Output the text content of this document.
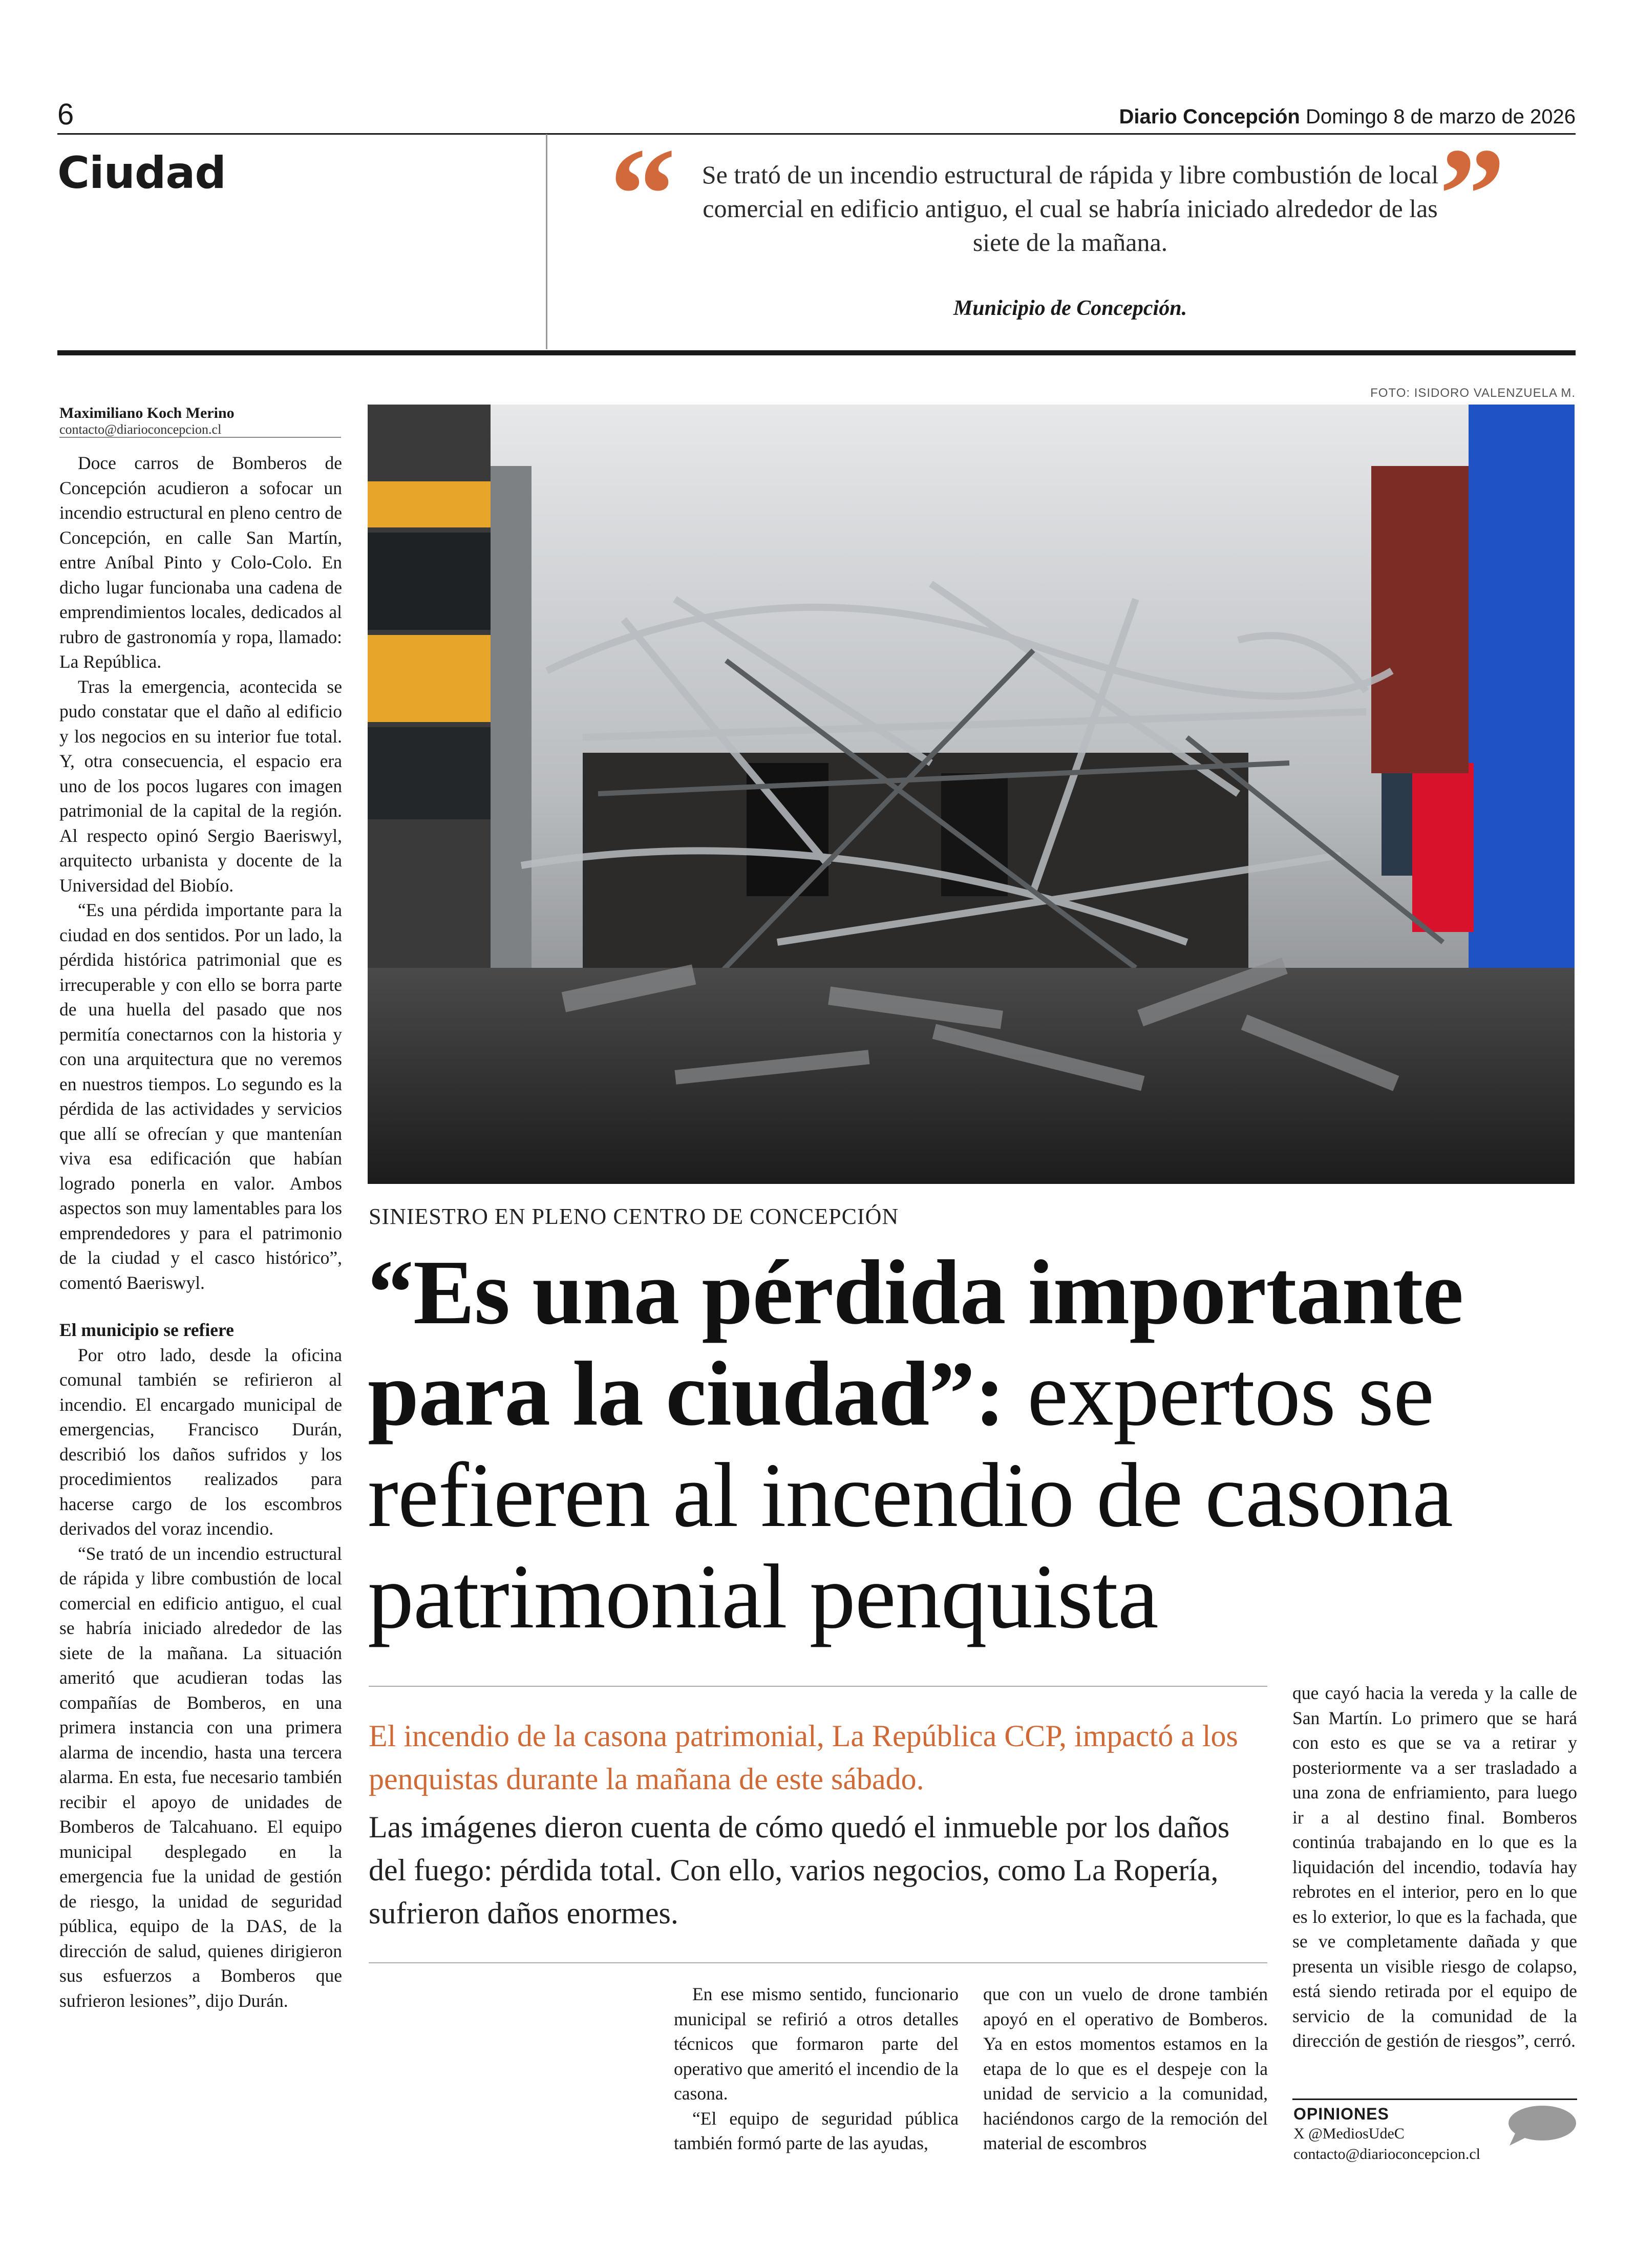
6	Diario Concepción Domingo 8 de marzo de 2026
Ciudad	“ Se trató de un incendio estructural de rápida y libre combustión de local comercial en edificio antiguo, el cual se habría iniciado alrededor de las siete de la mañana.	”
Municipio de Concepción.
Maximiliano Koch Merino
contacto@diarioconcepcion.cl

Doce carros de Bomberos de Concepción acudieron a sofocar un incendio estructural en pleno centro de Concepción, en calle San Martín, entre Aníbal Pinto y Colo-Colo. En dicho lugar funcionaba una cadena de emprendimientos locales, dedicados al rubro de gastronomía y ropa, llamado: La República.

Tras la emergencia, acontecida se pudo constatar que el daño al edificio y los negocios en su interior fue total. Y, otra consecuencia, el espacio era uno de los pocos lugares con imagen patrimonial de la capital de la región. Al respecto opinó Sergio Baeriswyl, arquitecto urbanista y docente de la Universidad del Biobío.

“Es una pérdida importante para la ciudad en dos sentidos. Por un lado, la pérdida histórica patrimonial que es irrecuperable y con ello se borra parte de una huella del pasado que nos permitía conectarnos con la historia y con una arquitectura que no veremos en nuestros tiempos. Lo segundo es la pérdida de las actividades y servicios que allí se ofrecían y que mantenían viva esa edificación que habían logrado ponerla en valor. Ambos aspectos son muy lamentables para los emprendedores y para el patrimonio de la ciudad y el casco histórico”, comentó Baeriswyl.

El municipio se refiere

Por otro lado, desde la oficina comunal también se refirieron al incendio. El encargado municipal de emergencias, Francisco Durán, describió los daños sufridos y los procedimientos realizados para hacerse cargo de los escombros derivados del voraz incendio.

“Se trató de un incendio estructural de rápida y libre combustión de local comercial en edificio antiguo, el cual se habría iniciado alrededor de las siete de la mañana. La situación ameritó que acudieran todas las compañías de Bomberos, en una primera instancia con una primera alarma de incendio, hasta una tercera alarma. En esta, fue necesario también recibir el apoyo de unidades de Bomberos de Talcahuano. El equipo municipal desplegado en la emergencia fue la unidad de gestión de riesgo, la unidad de seguridad pública, equipo de la DAS, de la dirección de salud, quienes dirigieron sus esfuerzos a Bomberos que sufrieron lesiones”, dijo Durán.

FOTO: ISIDORO VALENZUELA M.
SINIESTRO EN PLENO CENTRO DE CONCEPCIÓN
“Es una pérdida importante para la ciudad”: expertos se refieren al incendio de casona patrimonial penquista
El incendio de la casona patrimonial, La República CCP, impactó a los penquistas durante la mañana de este sábado.
Las imágenes dieron cuenta de cómo quedó el inmueble por los daños del fuego: pérdida total. Con ello, varios negocios, como La Ropería, sufrieron daños enormes.

En ese mismo sentido, funcionario municipal se refirió a otros detalles técnicos que formaron parte del operativo que ameritó el incendio de la casona.

“El equipo de seguridad pública también formó parte de las ayudas,

que con un vuelo de drone también apoyó en el operativo de Bomberos. Ya en estos momentos estamos en la etapa de lo que es el despeje con la unidad de servicio a la comunidad, haciéndonos cargo de la remoción del material de escombros

que cayó hacia la vereda y la calle de San Martín. Lo primero que se hará con esto es que se va a retirar y posteriormente va a ser trasladado a una zona de enfriamiento, para luego ir a al destino final. Bomberos continúa trabajando en lo que es la liquidación del incendio, todavía hay rebrotes en el interior, pero en lo que es lo exterior, lo que es la fachada, que se ve completamente dañada y que presenta un visible riesgo de colapso, está siendo retirada por el equipo de servicio de la comunidad de la dirección de gestión de riesgos”, cerró.

OPINIONES
X @MediosUdeC
contacto@diarioconcepcion.cl
